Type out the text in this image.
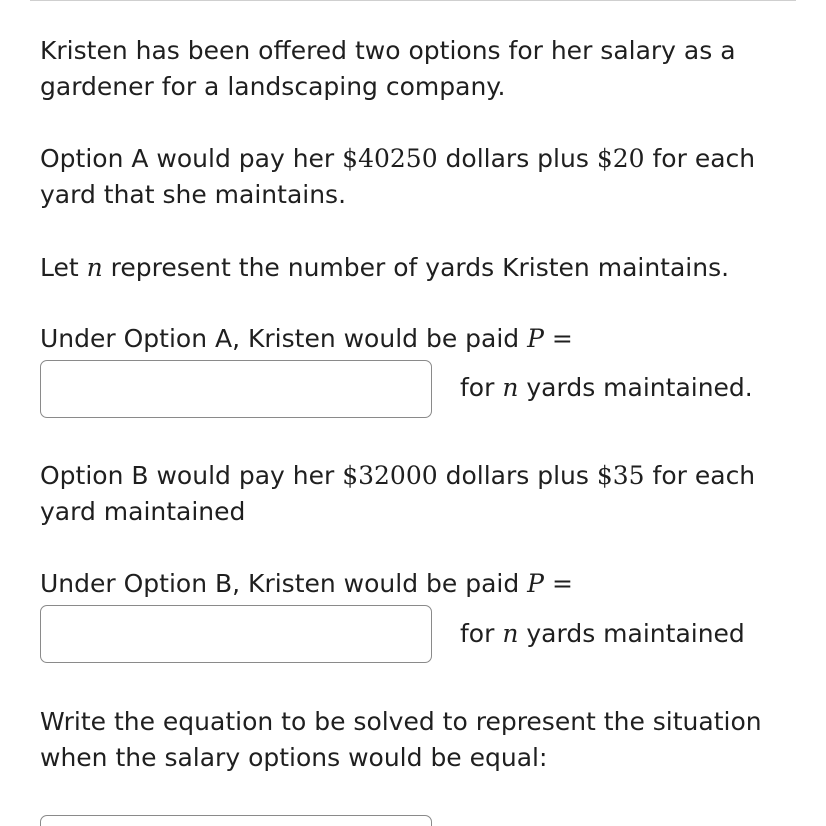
Kristen has been offered two options for her salary as a
gardener for a landscaping company.

Option A would pay her $40250 dollars plus $20 for each
yard that she maintains.

Let n represent the number of yards Kristen maintains.

Under Option A, Kristen would be paid P =

for n yards maintained.

Option B would pay her $32000 dollars plus $35 for each
yard maintained

Under Option B, Kristen would be paid P =

for n yards maintained

Write the equation to be solved to represent the situation
when the salary options would be equal:
